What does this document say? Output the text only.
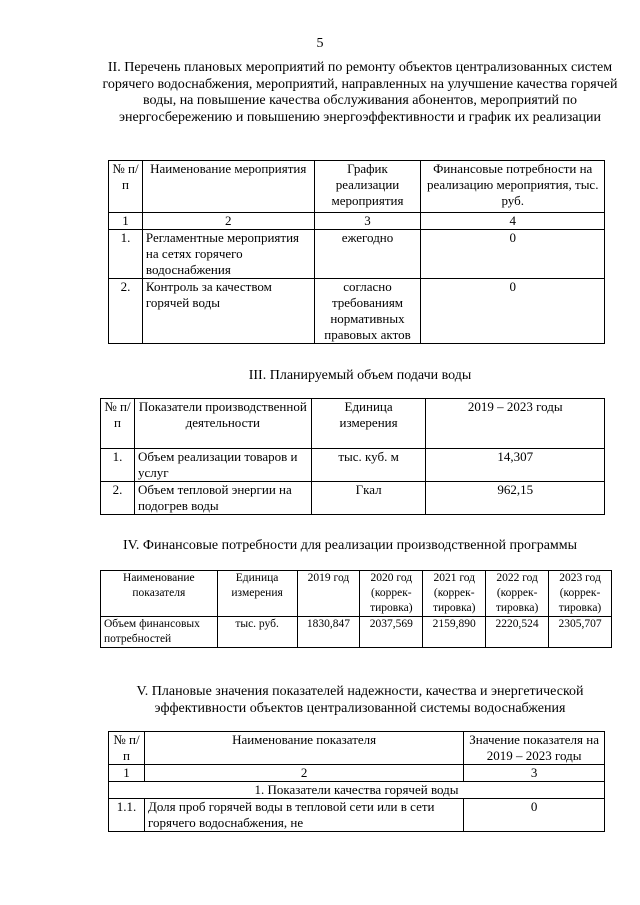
5
II. Перечень плановых мероприятий по ремонту объектов централизованных систем горячего водоснабжения, мероприятий, направленных на улучшение качества горячей воды, на повышение качества обслуживания абонентов, мероприятий по энергосбережению и повышению энергоэффективности и график их реализации
№ п/п	Наименование мероприятия	График реализации мероприятия	Финансовые потребности на реализацию мероприятия, тыс. руб.
1	2	3	4
1.	Регламентные мероприятия на сетях горячего водоснабжения	ежегодно	0
2.	Контроль за качеством горячей воды	согласно требованиям нормативных правовых актов	0
III. Планируемый объем подачи воды
№ п/п	Показатели производственной деятельности	Единица измерения	2019 – 2023 годы
1.	Объем реализации товаров и услуг	тыс. куб. м	14,307
2.	Объем тепловой энергии на подогрев воды	Гкал	962,15
IV. Финансовые потребности для реализации производственной программы
Наименование показателя	Единица измерения	2019 год	2020 год (коррек-тировка)	2021 год (коррек-тировка)	2022 год (коррек-тировка)	2023 год (коррек-тировка)
Объем финансовых потребностей	тыс. руб.	1830,847	2037,569	2159,890	2220,524	2305,707
V. Плановые значения показателей надежности, качества и энергетической эффективности объектов централизованной системы водоснабжения
№ п/п	Наименование показателя	Значение показателя на 2019 – 2023 годы
1	2	3
1. Показатели качества горячей воды		
1.1.	Доля проб горячей воды в тепловой сети или в сети горячего водоснабжения, не	0
